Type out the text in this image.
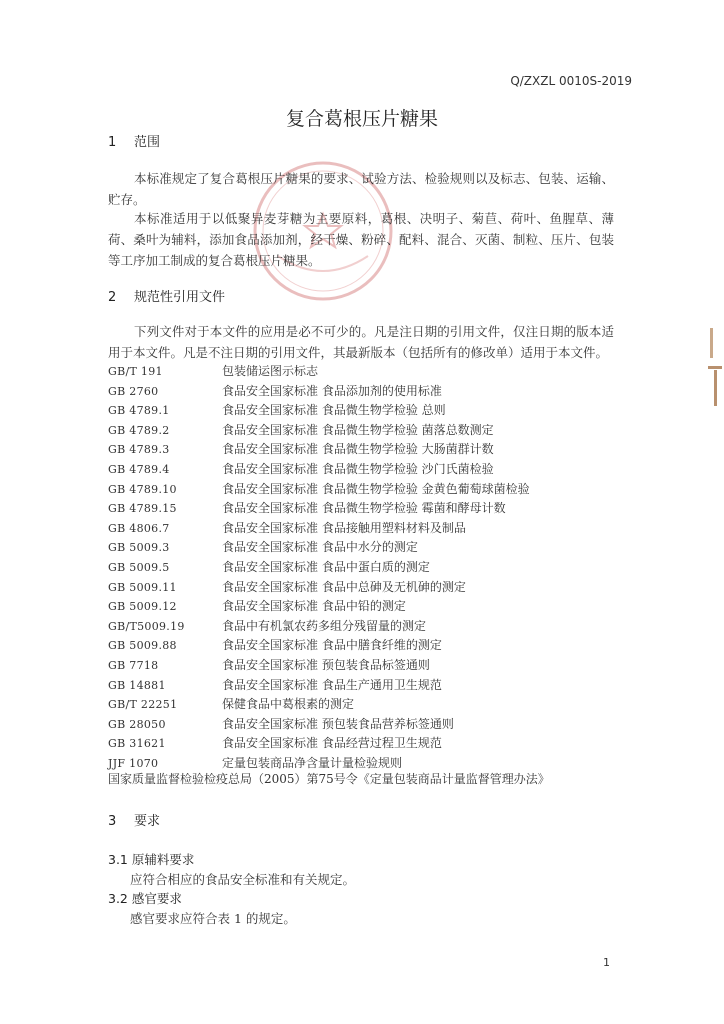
Q/ZXZL 0010S-2019
复合葛根压片糖果
1 范围
本标准规定了复合葛根压片糖果的要求、试验方法、检验规则以及标志、包装、运输、贮存。
本标准适用于以低聚异麦芽糖为主要原料，葛根、决明子、菊苣、荷叶、鱼腥草、薄荷、桑叶为辅料，添加食品添加剂，经干燥、粉碎、配料、混合、灭菌、制粒、压片、包装等工序加工制成的复合葛根压片糖果。
2 规范性引用文件
下列文件对于本文件的应用是必不可少的。凡是注日期的引用文件，仅注日期的版本适用于本文件。凡是不注日期的引用文件，其最新版本（包括所有的修改单）适用于本文件。
GB/T 191	包装储运图示标志
GB 2760	食品安全国家标准 食品添加剂的使用标准
GB 4789.1	食品安全国家标准 食品微生物学检验 总则
GB 4789.2	食品安全国家标准 食品微生物学检验 菌落总数测定
GB 4789.3	食品安全国家标准 食品微生物学检验 大肠菌群计数
GB 4789.4	食品安全国家标准 食品微生物学检验 沙门氏菌检验
GB 4789.10	食品安全国家标准 食品微生物学检验 金黄色葡萄球菌检验
GB 4789.15	食品安全国家标准 食品微生物学检验 霉菌和酵母计数
GB 4806.7	食品安全国家标准 食品接触用塑料材料及制品
GB 5009.3	食品安全国家标准 食品中水分的测定
GB 5009.5	食品安全国家标准 食品中蛋白质的测定
GB 5009.11	食品安全国家标准 食品中总砷及无机砷的测定
GB 5009.12	食品安全国家标准 食品中铅的测定
GB/T5009.19	食品中有机氯农药多组分残留量的测定
GB 5009.88	食品安全国家标准 食品中膳食纤维的测定
GB 7718	食品安全国家标准 预包装食品标签通则
GB 14881	食品安全国家标准 食品生产通用卫生规范
GB/T 22251	保健食品中葛根素的测定
GB 28050	食品安全国家标准 预包装食品营养标签通则
GB 31621	食品安全国家标准 食品经营过程卫生规范
JJF 1070	定量包装商品净含量计量检验规则
国家质量监督检验检疫总局（2005）第75号令《定量包装商品计量监督管理办法》
3 要求
3.1 原辅料要求
应符合相应的食品安全标准和有关规定。
3.2 感官要求
感官要求应符合表 1 的规定。
1
